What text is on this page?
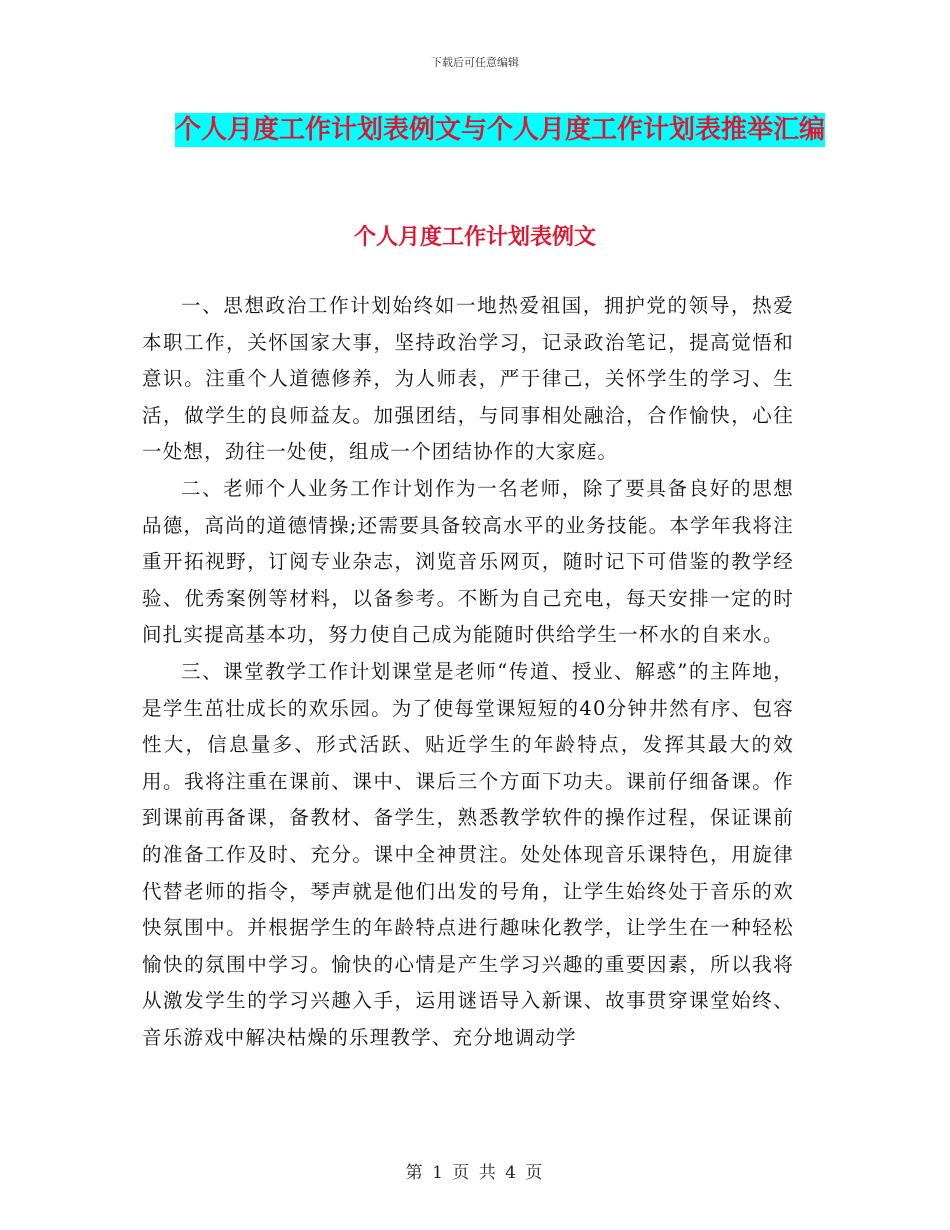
下载后可任意编辑
个人月度工作计划表例文与个人月度工作计划表推举汇编
个人月度工作计划表例文

一、思想政治工作计划始终如一地热爱祖国，拥护党的领导，热爱本职工作，关怀国家大事，坚持政治学习，记录政治笔记，提高觉悟和意识。注重个人道德修养，为人师表，严于律己，关怀学生的学习、生活，做学生的良师益友。加强团结，与同事相处融洽，合作愉快，心往一处想，劲往一处使，组成一个团结协作的大家庭。

二、老师个人业务工作计划作为一名老师，除了要具备良好的思想品德，高尚的道德情操;还需要具备较高水平的业务技能。本学年我将注重开拓视野，订阅专业杂志，浏览音乐网页，随时记下可借鉴的教学经验、优秀案例等材料，以备参考。不断为自己充电，每天安排一定的时间扎实提高基本功，努力使自己成为能随时供给学生一杯水的自来水。

三、课堂教学工作计划课堂是老师“传道、授业、解惑”的主阵地，是学生茁壮成长的欢乐园。为了使每堂课短短的40分钟井然有序、包容性大，信息量多、形式活跃、贴近学生的年龄特点，发挥其最大的效用。我将注重在课前、课中、课后三个方面下功夫。课前仔细备课。作到课前再备课，备教材、备学生，熟悉教学软件的操作过程，保证课前的准备工作及时、充分。课中全神贯注。处处体现音乐课特色，用旋律代替老师的指令，琴声就是他们出发的号角，让学生始终处于音乐的欢快氛围中。并根据学生的年龄特点进行趣味化教学，让学生在一种轻松愉快的氛围中学习。愉快的心情是产生学习兴趣的重要因素，所以我将从激发学生的学习兴趣入手，运用谜语导入新课、故事贯穿课堂始终、音乐游戏中解决枯燥的乐理教学、充分地调动学

第 1 页 共 4 页
